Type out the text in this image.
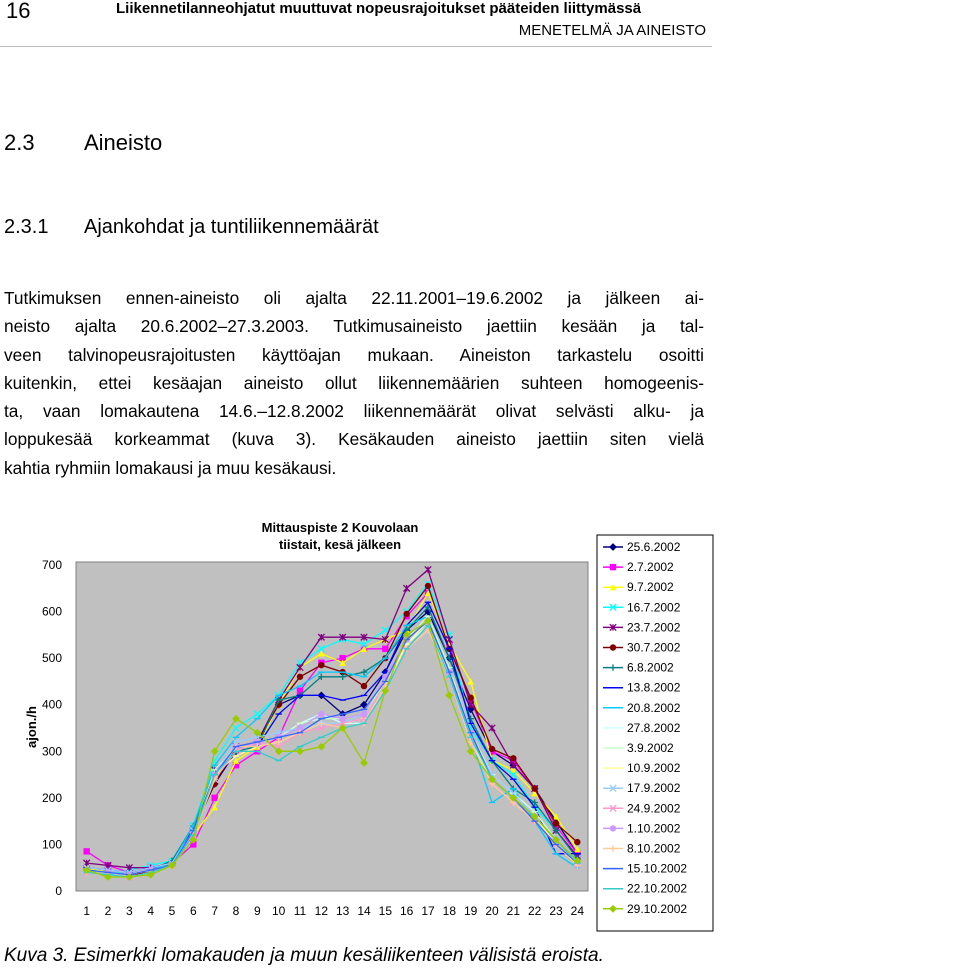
16	Liikennetilanneohjatut muuttuvat nopeusrajoitukset pääteiden liittymässä
MENETELMÄ JA AINEISTO
2.3 Aineisto
2.3.1 Ajankohdat ja tuntiliikennemäärät
Tutkimuksen ennen-aineisto oli ajalta 22.11.2001–19.6.2002 ja jälkeen ai-
neisto ajalta 20.6.2002–27.3.2003. Tutkimusaineisto jaettiin kesään ja tal-
veen talvinopeusrajoitusten käyttöajan mukaan. Aineiston tarkastelu osoitti
kuitenkin, ettei kesäajan aineisto ollut liikennemäärien suhteen homogeenis-
ta, vaan lomakautena 14.6.–12.8.2002 liikennemäärät olivat selvästi alku- ja
loppukesää korkeammat (kuva 3). Kesäkauden aineisto jaettiin siten vielä
kahtia ryhmiin lomakausi ja muu kesäkausi.
Mittauspiste 2 Kouvolaan
tiistait, kesä jälkeen
ajon./h
0
100
200
300
400
500
600
700
1 2 3 4 5 6 7 8 9 10 11 12 13 14 15 16 17 18 19 20 21 22 23 24
25.6.2002
2.7.2002
9.7.2002
16.7.2002
23.7.2002
30.7.2002
6.8.2002
13.8.2002
20.8.2002
27.8.2002
3.9.2002
10.9.2002
17.9.2002
24.9.2002
1.10.2002
8.10.2002
15.10.2002
22.10.2002
29.10.2002
Kuva 3. Esimerkki lomakauden ja muun kesäliikenteen välisistä eroista.
